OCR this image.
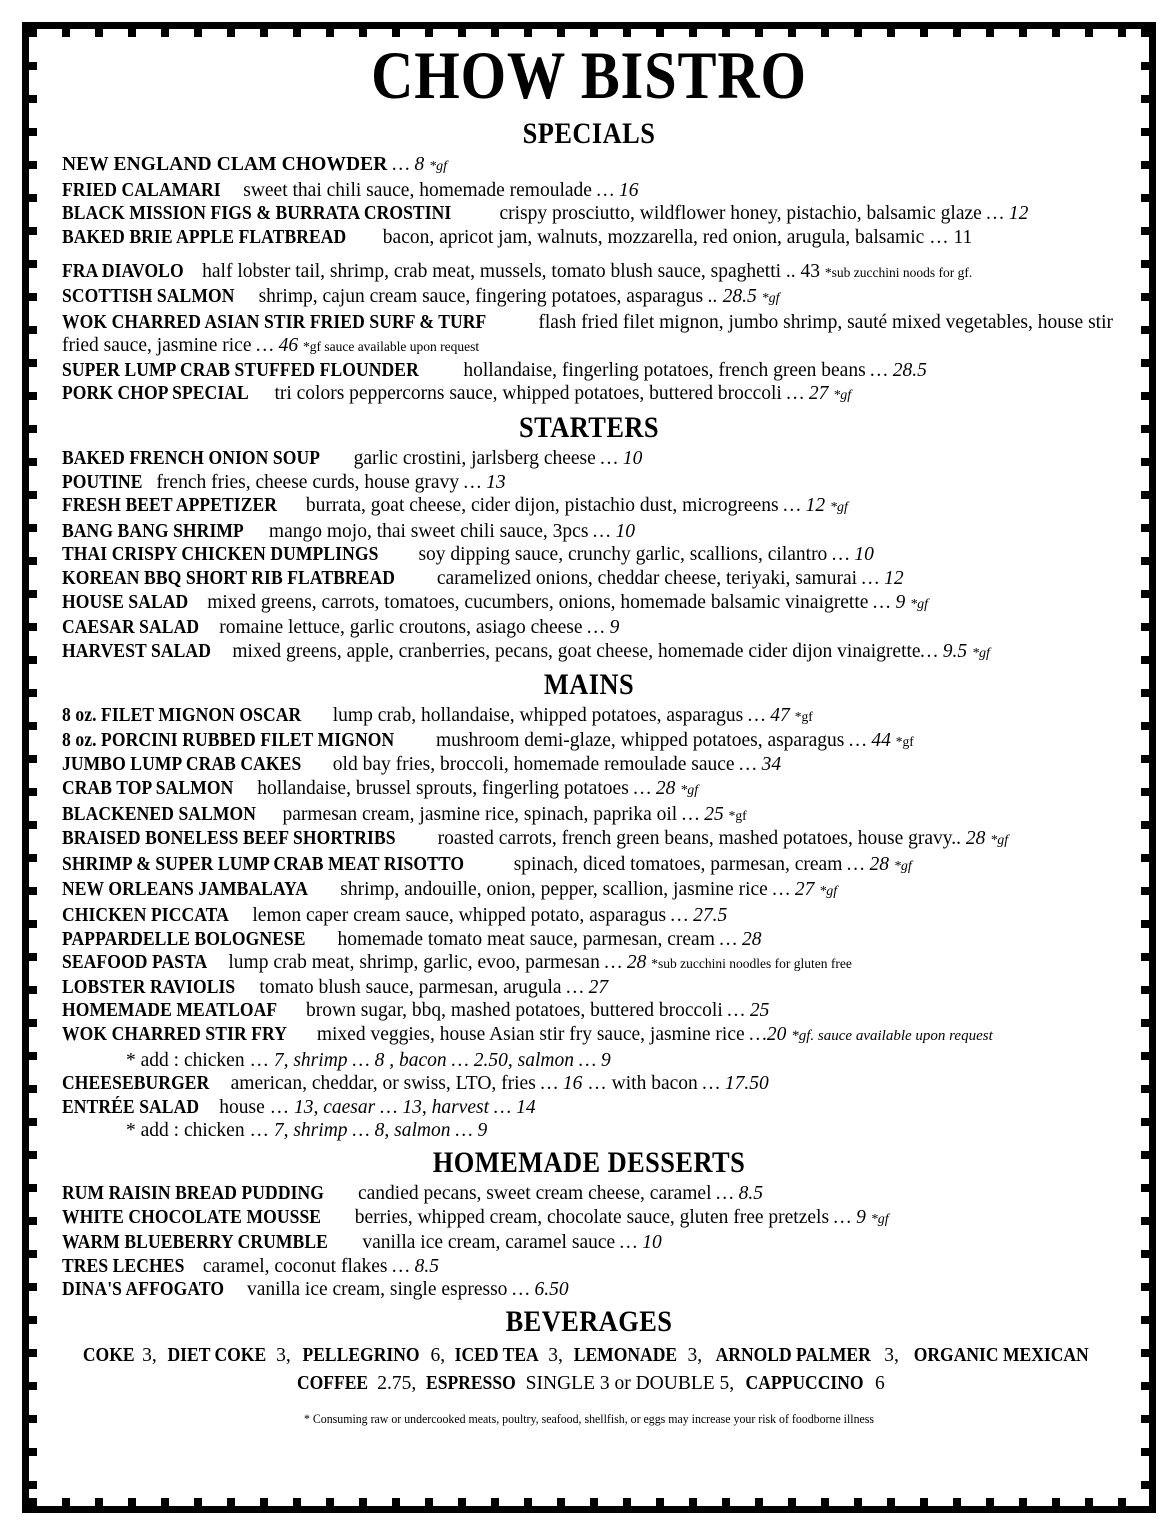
CHOW BISTRO
SPECIALS
NEW ENGLAND CLAM CHOWDER … 8 *gf
FRIED CALAMARI sweet thai chili sauce, homemade remoulade … 16
BLACK MISSION FIGS & BURRATA CROSTINI crispy prosciutto, wildflower honey, pistachio, balsamic glaze … 12
BAKED BRIE APPLE FLATBREAD bacon, apricot jam, walnuts, mozzarella, red onion, arugula, balsamic … 11
FRA DIAVOLO half lobster tail, shrimp, crab meat, mussels, tomato blush sauce, spaghetti .. 43 *sub zucchini noods for gf.
SCOTTISH SALMON shrimp, cajun cream sauce, fingering potatoes, asparagus .. 28.5 *gf
WOK CHARRED ASIAN STIR FRIED SURF & TURF	flash fried filet mignon, jumbo shrimp, sauté mixed vegetables, house stir fried sauce, jasmine rice … 46 *gf sauce available upon request
SUPER LUMP CRAB STUFFED FLOUNDER hollandaise, fingerling potatoes, french green beans … 28.5
PORK CHOP SPECIAL tri colors peppercorns sauce, whipped potatoes, buttered broccoli … 27 *gf
STARTERS
BAKED FRENCH ONION SOUP garlic crostini, jarlsberg cheese … 10
POUTINE french fries, cheese curds, house gravy … 13
FRESH BEET APPETIZER burrata, goat cheese, cider dijon, pistachio dust, microgreens … 12 *gf
BANG BANG SHRIMP mango mojo, thai sweet chili sauce, 3pcs … 10
THAI CRISPY CHICKEN DUMPLINGS soy dipping sauce, crunchy garlic, scallions, cilantro … 10
KOREAN BBQ SHORT RIB FLATBREAD caramelized onions, cheddar cheese, teriyaki, samurai … 12
HOUSE SALAD mixed greens, carrots, tomatoes, cucumbers, onions, homemade balsamic vinaigrette … 9 *gf
CAESAR SALAD romaine lettuce, garlic croutons, asiago cheese … 9
HARVEST SALAD mixed greens, apple, cranberries, pecans, goat cheese, homemade cider dijon vinaigrette… 9.5 *gf
MAINS
8 oz. FILET MIGNON OSCAR lump crab, hollandaise, whipped potatoes, asparagus … 47 *gf
8 oz. PORCINI RUBBED FILET MIGNON mushroom demi-glaze, whipped potatoes, asparagus … 44 *gf
JUMBO LUMP CRAB CAKES old bay fries, broccoli, homemade remoulade sauce … 34
CRAB TOP SALMON hollandaise, brussel sprouts, fingerling potatoes … 28 *gf
BLACKENED SALMON parmesan cream, jasmine rice, spinach, paprika oil … 25 *gf
BRAISED BONELESS BEEF SHORTRIBS roasted carrots, french green beans, mashed potatoes, house gravy.. 28 *gf
SHRIMP & SUPER LUMP CRAB MEAT RISOTTO	spinach, diced tomatoes, parmesan, cream … 28 *gf
NEW ORLEANS JAMBALAYA shrimp, andouille, onion, pepper, scallion, jasmine rice … 27 *gf
CHICKEN PICCATA lemon caper cream sauce, whipped potato, asparagus … 27.5
PAPPARDELLE BOLOGNESE homemade tomato meat sauce, parmesan, cream … 28
SEAFOOD PASTA lump crab meat, shrimp, garlic, evoo, parmesan … 28 *sub zucchini noodles for gluten free
LOBSTER RAVIOLIS tomato blush sauce, parmesan, arugula … 27
HOMEMADE MEATLOAF brown sugar, bbq, mashed potatoes, buttered broccoli … 25
WOK CHARRED STIR FRY mixed veggies, house Asian stir fry sauce, jasmine rice …20 *gf. sauce available upon request
* add : chicken … 7, shrimp … 8 , bacon … 2.50, salmon … 9
CHEESEBURGER american, cheddar, or swiss, LTO, fries … 16 … with bacon … 17.50
ENTRÉE SALAD house … 13, caesar … 13, harvest … 14
* add : chicken … 7, shrimp … 8, salmon … 9
HOMEMADE DESSERTS
RUM RAISIN BREAD PUDDING candied pecans, sweet cream cheese, caramel … 8.5
WHITE CHOCOLATE MOUSSE berries, whipped cream, chocolate sauce, gluten free pretzels … 9 *gf
WARM BLUEBERRY CRUMBLE vanilla ice cream, caramel sauce … 10
TRES LECHES caramel, coconut flakes … 8.5
DINA'S AFFOGATO vanilla ice cream, single espresso … 6.50
BEVERAGES
COKE 3, DIET COKE 3, PELLEGRINO 6, ICED TEA 3, LEMONADE 3, ARNOLD PALMER 3, ORGANIC MEXICAN
COFFEE 2.75, ESPRESSO SINGLE 3 or DOUBLE 5, CAPPUCCINO 6
* Consuming raw or undercooked meats, poultry, seafood, shellfish, or eggs may increase your risk of foodborne illness
